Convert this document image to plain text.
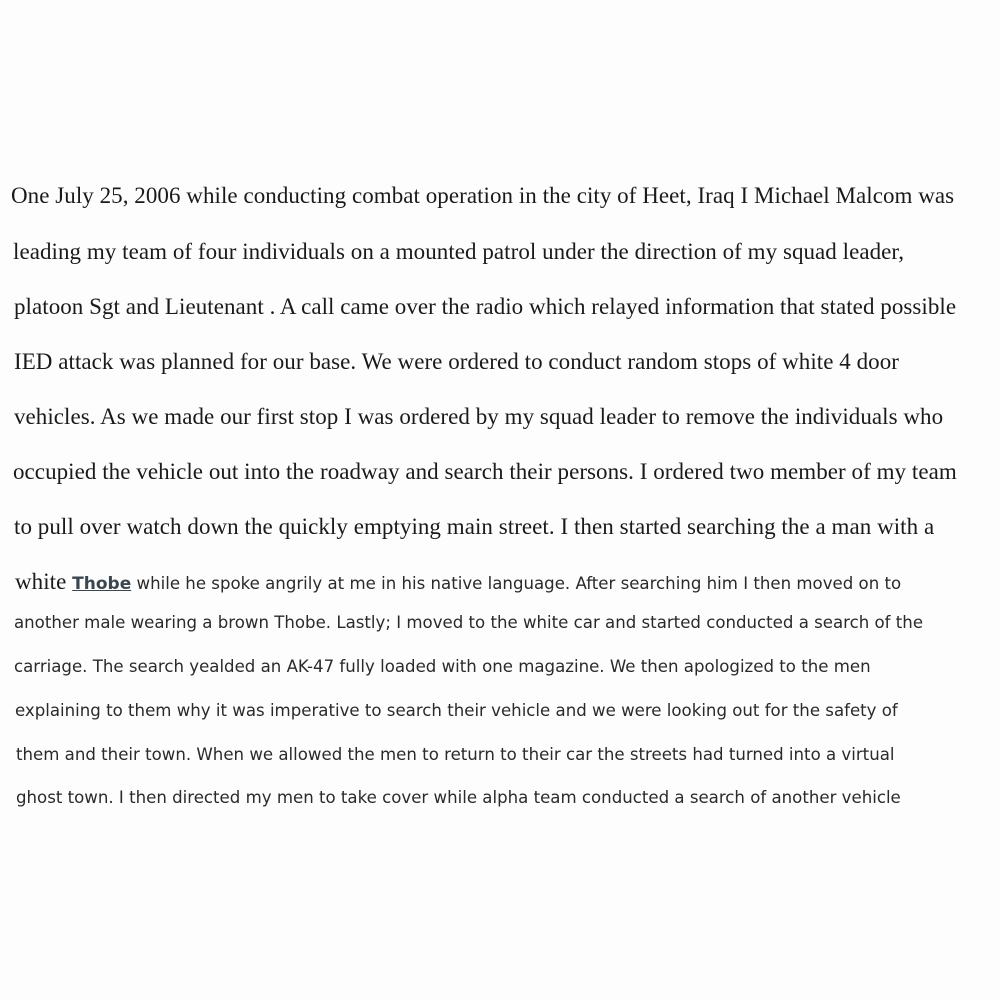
One July 25, 2006 while conducting combat operation in the city of Heet, Iraq I Michael Malcom was

leading my team of four individuals on a mounted patrol under the direction of my squad leader,

platoon Sgt and Lieutenant . A call came over the radio which relayed information that stated possible

IED attack was planned for our base. We were ordered to conduct random stops of white 4 door

vehicles. As we made our first stop I was ordered by my squad leader to remove the individuals who

occupied the vehicle out into the roadway and search their persons. I ordered two member of my team

to pull over watch down the quickly emptying main street. I then started searching the a man with a

white Thobe while he spoke angrily at me in his native language. After searching him I then moved on to

another male wearing a brown Thobe. Lastly; I moved to the white car and started conducted a search of the

carriage. The search yealded an AK-47 fully loaded with one magazine. We then apologized to the men

explaining to them why it was imperative to search their vehicle and we were looking out for the safety of

them and their town. When we allowed the men to return to their car the streets had turned into a virtual

ghost town. I then directed my men to take cover while alpha team conducted a search of another vehicle
